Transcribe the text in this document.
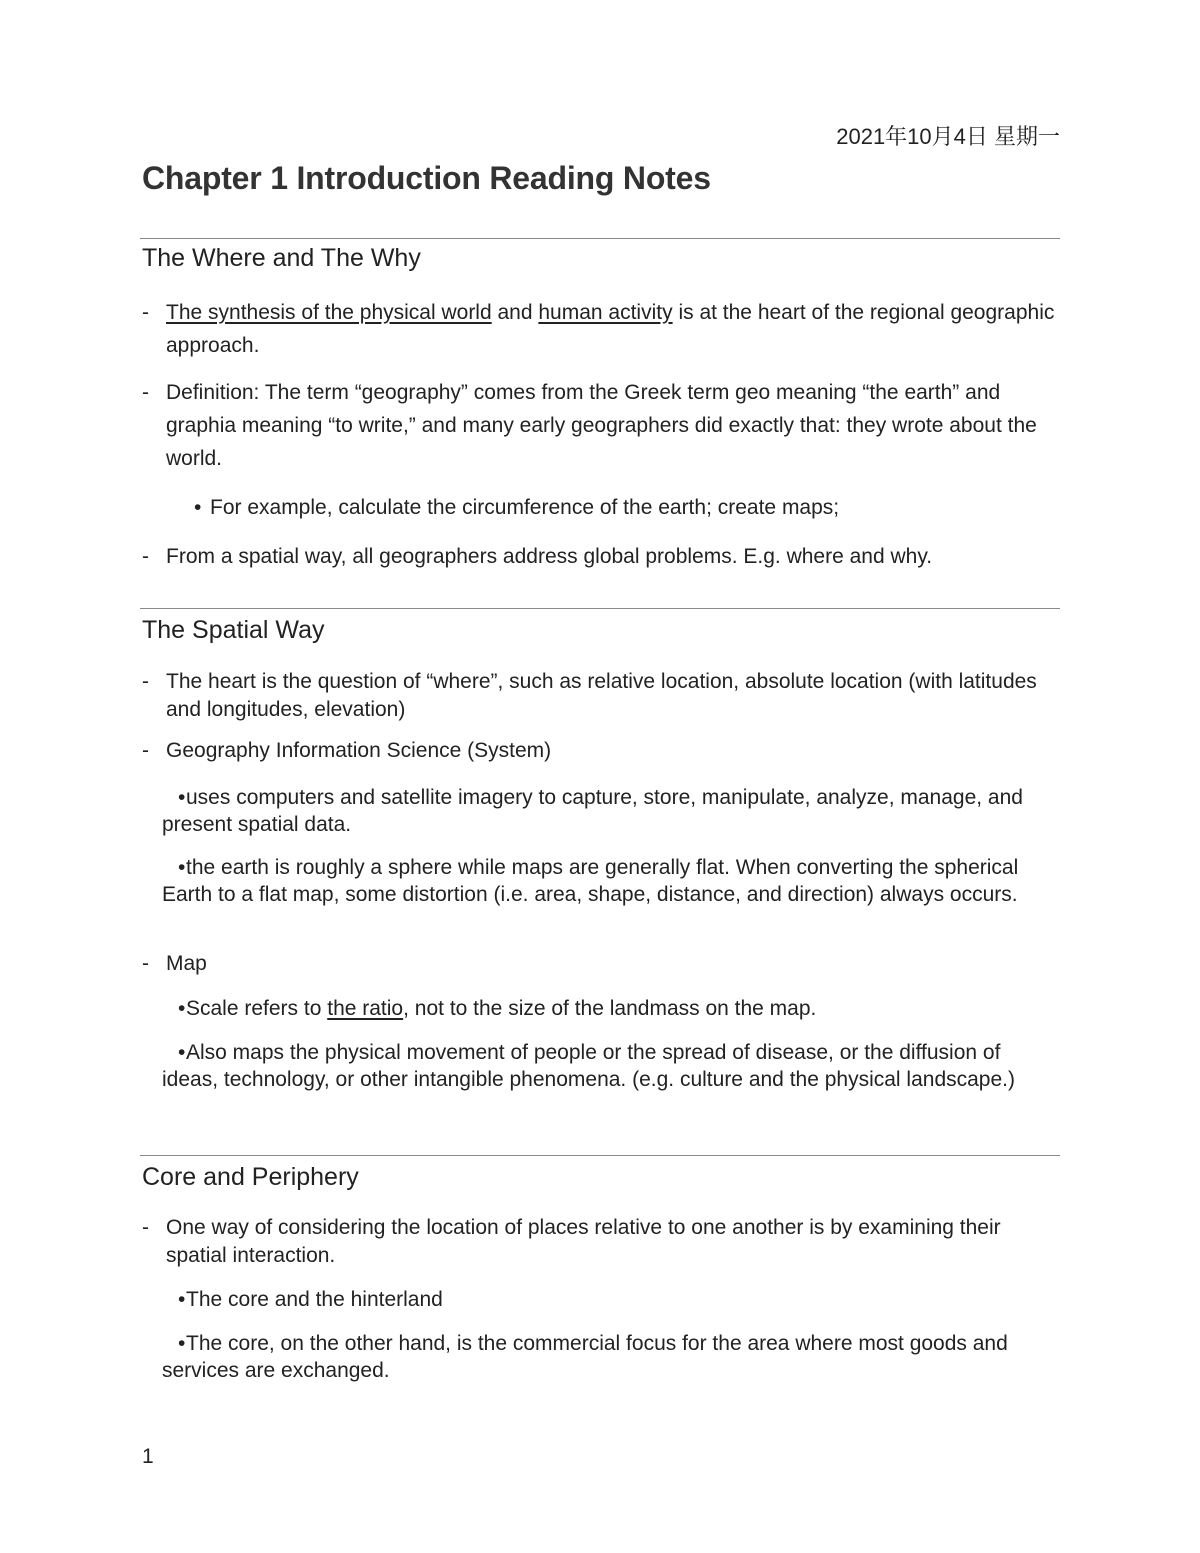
2021年10月4日 星期一
Chapter 1 Introduction Reading Notes
The Where and The Why
- The synthesis of the physical world and human activity is at the heart of the regional geographic approach.
- Definition: The term “geography” comes from the Greek term geo meaning “the earth” and graphia meaning “to write,” and many early geographers did exactly that: they wrote about the world.
• For example, calculate the circumference of the earth; create maps;
- From a spatial way, all geographers address global problems. E.g. where and why.
The Spatial Way
- The heart is the question of “where”, such as relative location, absolute location (with latitudes and longitudes, elevation)
- Geography Information Science (System)
•uses computers and satellite imagery to capture, store, manipulate, analyze, manage, and present spatial data.
•the earth is roughly a sphere while maps are generally flat. When converting the spherical Earth to a flat map, some distortion (i.e. area, shape, distance, and direction) always occurs.
- Map
•Scale refers to the ratio, not to the size of the landmass on the map.
•Also maps the physical movement of people or the spread of disease, or the diffusion of ideas, technology, or other intangible phenomena. (e.g. culture and the physical landscape.)
Core and Periphery
- One way of considering the location of places relative to one another is by examining their spatial interaction.
•The core and the hinterland
•The core, on the other hand, is the commercial focus for the area where most goods and services are exchanged.
1
